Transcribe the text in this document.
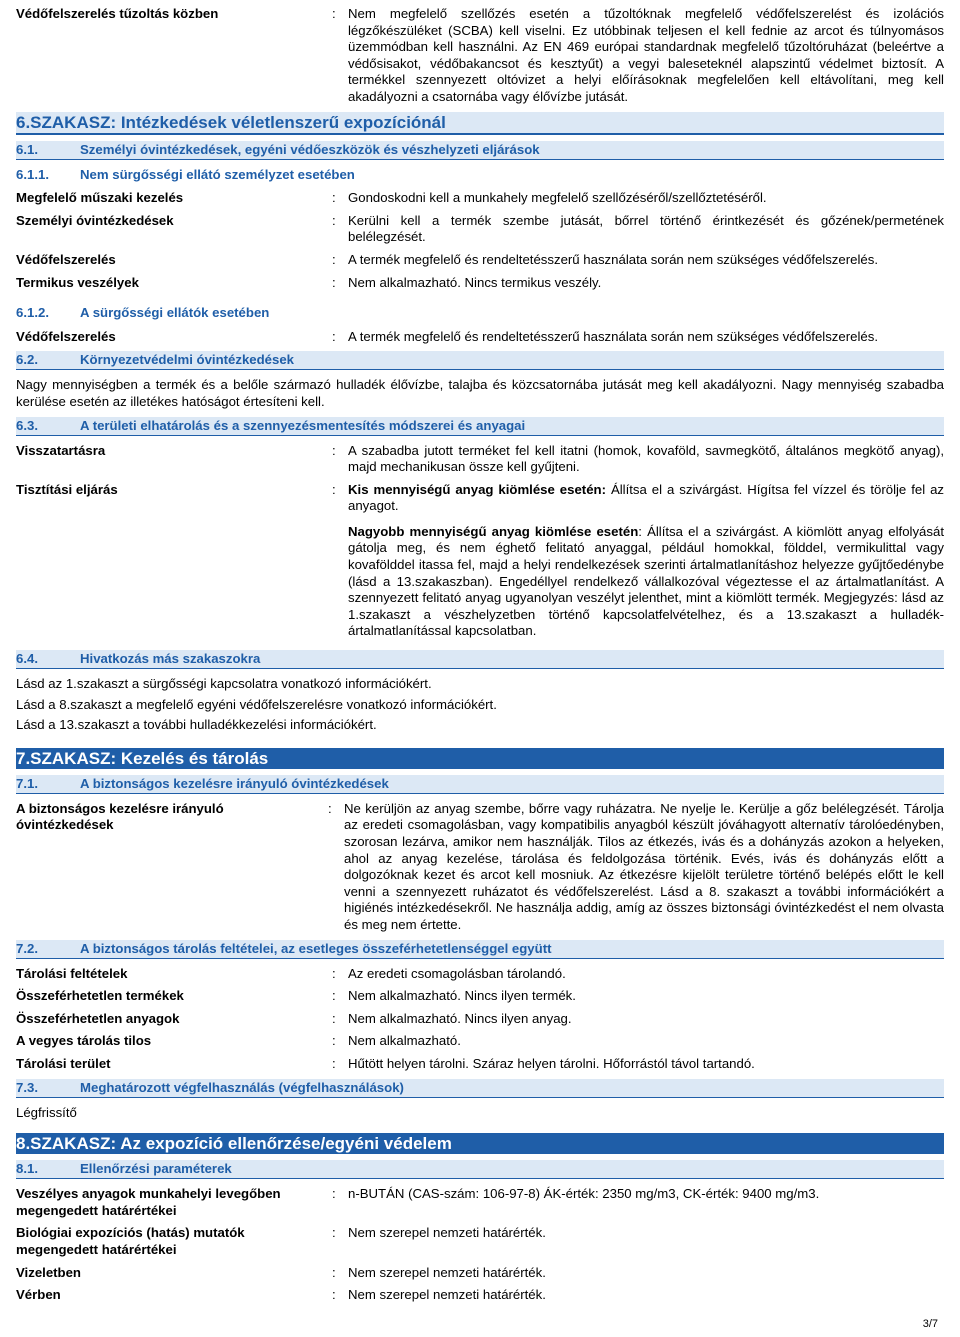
Védőfelszerelés tűzoltás közben	: Nem megfelelő szellőzés esetén a tűzoltóknak megfelelő védőfelszerelést és izolációs légzőkészüléket (SCBA) kell viselni. Ez utóbbinak teljesen el kell fednie az arcot és túlnyomásos üzemmódban kell használni. Az EN 469 európai standardnak megfelelő tűzoltóruházat (beleértve a védősisakot, védőbakancsot és kesztyűt) a vegyi baleseteknél alapszintű védelmet biztosít. A termékkel szennyezett oltóvizet a helyi előírásoknak megfelelően kell eltávolítani, meg kell akadályozni a csatornába vagy élővízbe jutását.
6.SZAKASZ: Intézkedések véletlenszerű expozíciónál
6.1.	Személyi óvintézkedések, egyéni védőeszközök és vészhelyzeti eljárások
6.1.1.	Nem sürgősségi ellátó személyzet esetében
Megfelelő műszaki kezelés	: Gondoskodni kell a munkahely megfelelő szellőzéséről/szellőztetéséről.
Személyi óvintézkedések	: Kerülni kell a termék szembe jutását, bőrrel történő érintkezését és gőzének/permetének belélegzését.
Védőfelszerelés	: A termék megfelelő és rendeltetésszerű használata során nem szükséges védőfelszerelés.
Termikus veszélyek	: Nem alkalmazható. Nincs termikus veszély.
6.1.2.	A sürgősségi ellátók esetében
Védőfelszerelés	: A termék megfelelő és rendeltetésszerű használata során nem szükséges védőfelszerelés.
6.2.	Környezetvédelmi óvintézkedések
Nagy mennyiségben a termék és a belőle származó hulladék élővízbe, talajba és közcsatornába jutását meg kell akadályozni. Nagy mennyiség szabadba kerülése esetén az illetékes hatóságot értesíteni kell.
6.3.	A területi elhatárolás és a szennyezésmentesítés módszerei és anyagai
Visszatartásra	: A szabadba jutott terméket fel kell itatni (homok, kovaföld, savmegkötő, általános megkötő anyag), majd mechanikusan össze kell gyűjteni.
Tisztítási eljárás	: Kis mennyiségű anyag kiömlése esetén: Állítsa el a szivárgást. Hígítsa fel vízzel és törölje fel az anyagot.
Nagyobb mennyiségű anyag kiömlése esetén: Állítsa el a szivárgást. A kiömlött anyag elfolyását gátolja meg, és nem éghető felitató anyaggal, például homokkal, földdel, vermikulittal vagy kovafölddel itassa fel, majd a helyi rendelkezések szerinti ártalmatlanításhoz helyezze gyűjtőedénybe (lásd a 13.szakaszban). Engedéllyel rendelkező vállalkozóval végeztesse el az ártalmatlanítást. A szennyezett felitató anyag ugyanolyan veszélyt jelenthet, mint a kiömlött termék. Megjegyzés: lásd az 1.szakaszt a vészhelyzetben történő kapcsolatfelvételhez, és a 13.szakaszt a hulladék-ártalmatlanítással kapcsolatban.
6.4.	Hivatkozás más szakaszokra
Lásd az 1.szakaszt a sürgősségi kapcsolatra vonatkozó információkért.
Lásd a 8.szakaszt a megfelelő egyéni védőfelszerelésre vonatkozó információkért.
Lásd a 13.szakaszt a további hulladékkezelési információkért.
7.SZAKASZ: Kezelés és tárolás
7.1.	A biztonságos kezelésre irányuló óvintézkedések
A biztonságos kezelésre irányuló óvintézkedések
: Ne kerüljön az anyag szembe, bőrre vagy ruházatra. Ne nyelje le. Kerülje a gőz belélegzését. Tárolja az eredeti csomagolásban, vagy kompatibilis anyagból készült jóváhagyott alternatív tárolóedényben, szorosan lezárva, amikor nem használják. Tilos az étkezés, ivás és a dohányzás azokon a helyeken, ahol az anyag kezelése, tárolása és feldolgozása történik. Evés, ivás és dohányzás előtt a dolgozóknak kezet és arcot kell mosniuk. Az étkezésre kijelölt területre történő belépés előtt le kell venni a szennyezett ruházatot és védőfelszerelést. Lásd a 8. szakaszt a további információkért a higiénés intézkedésekről. Ne használja addig, amíg az összes biztonsági óvintézkedést el nem olvasta és meg nem értette.
7.2.	A biztonságos tárolás feltételei, az esetleges összeférhetetlenséggel együtt
Tárolási feltételek	: Az eredeti csomagolásban tárolandó.
Összeférhetetlen termékek	: Nem alkalmazható. Nincs ilyen termék.
Összeférhetetlen anyagok	: Nem alkalmazható. Nincs ilyen anyag.
A vegyes tárolás tilos	: Nem alkalmazható.
Tárolási terület	: Hűtött helyen tárolni. Száraz helyen tárolni. Hőforrástól távol tartandó.
7.3.	Meghatározott végfelhasználás (végfelhasználások)
Légfrissítő
8.SZAKASZ: Az expozíció ellenőrzése/egyéni védelem
8.1.	Ellenőrzési paraméterek
Veszélyes anyagok munkahelyi levegőben megengedett határértékei
: n-BUTÁN (CAS-szám: 106-97-8) ÁK-érték: 2350 mg/m3, CK-érték: 9400 mg/m3.
Biológiai expozíciós (hatás) mutatók megengedett határértékei
: Nem szerepel nemzeti határérték.
Vizeletben	: Nem szerepel nemzeti határérték.
Vérben	: Nem szerepel nemzeti határérték.
3/7
